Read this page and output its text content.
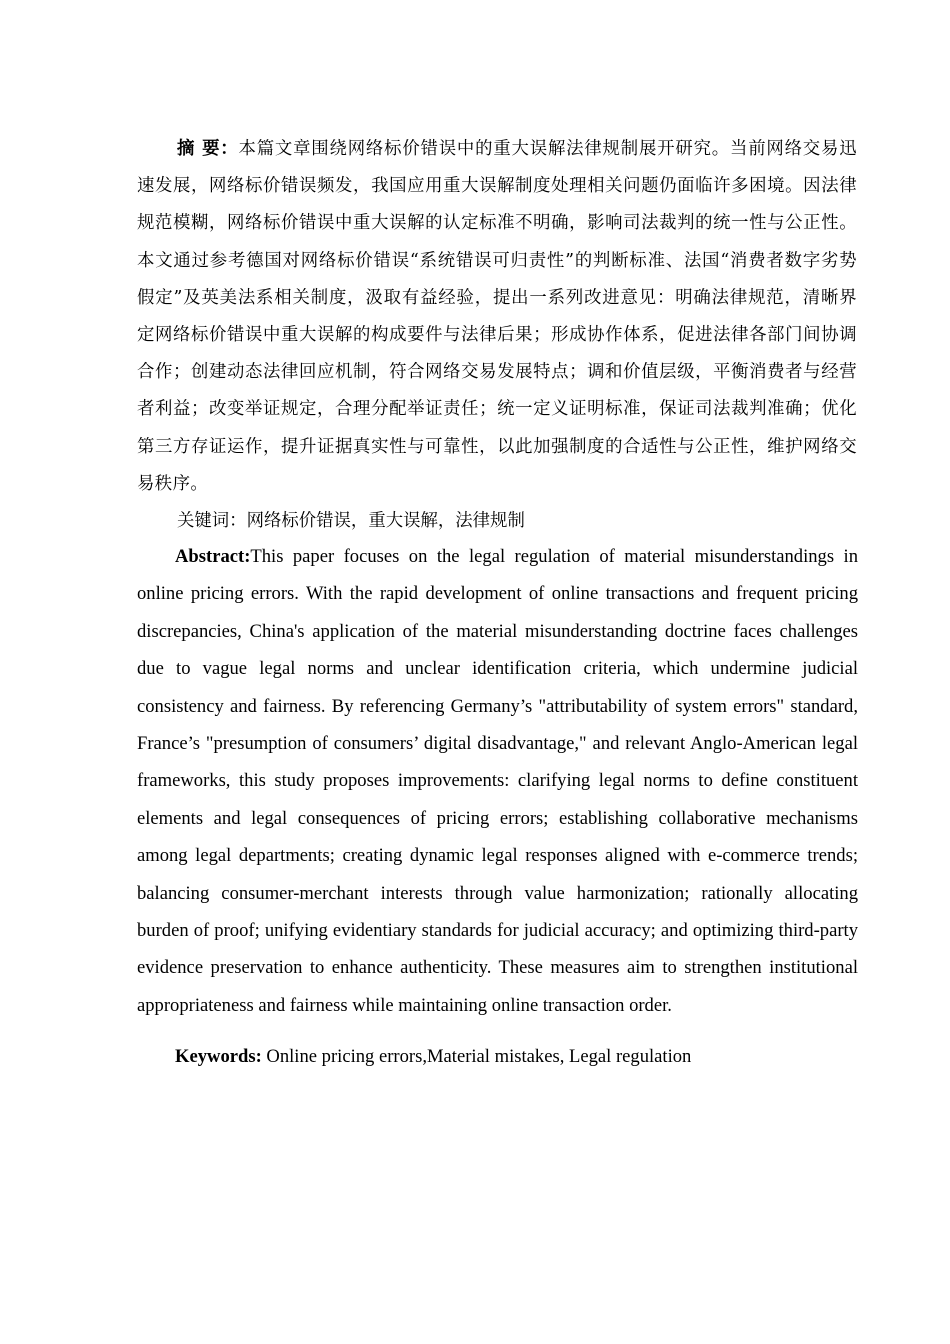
摘 要：本篇文章围绕网络标价错误中的重大误解法律规制展开研究。当前网络交易迅速发展，网络标价错误频发，我国应用重大误解制度处理相关问题仍面临许多困境。因法律规范模糊，网络标价错误中重大误解的认定标准不明确，影响司法裁判的统一性与公正性。本文通过参考德国对网络标价错误“系统错误可归责性”的判断标准、法国“消费者数字劣势假定”及英美法系相关制度，汲取有益经验，提出一系列改进意见：明确法律规范，清晰界定网络标价错误中重大误解的构成要件与法律后果；形成协作体系，促进法律各部门间协调合作；创建动态法律回应机制，符合网络交易发展特点；调和价值层级，平衡消费者与经营者利益；改变举证规定，合理分配举证责任；统一定义证明标准，保证司法裁判准确；优化第三方存证运作，提升证据真实性与可靠性，以此加强制度的合适性与公正性，维护网络交易秩序。

关键词：网络标价错误，重大误解，法律规制

Abstract:This paper focuses on the legal regulation of material misunderstandings in online pricing errors. With the rapid development of online transactions and frequent pricing discrepancies, China's application of the material misunderstanding doctrine faces challenges due to vague legal norms and unclear identification criteria, which undermine judicial consistency and fairness. By referencing Germany’s "attributability of system errors" standard, France’s "presumption of consumers’ digital disadvantage," and relevant Anglo-American legal frameworks, this study proposes improvements: clarifying legal norms to define constituent elements and legal consequences of pricing errors; establishing collaborative mechanisms among legal departments; creating dynamic legal responses aligned with e-commerce trends; balancing consumer-merchant interests through value harmonization; rationally allocating burden of proof; unifying evidentiary standards for judicial accuracy; and optimizing third-party evidence preservation to enhance authenticity. These measures aim to strengthen institutional appropriateness and fairness while maintaining online transaction order.

Keywords: Online pricing errors,Material mistakes, Legal regulation
